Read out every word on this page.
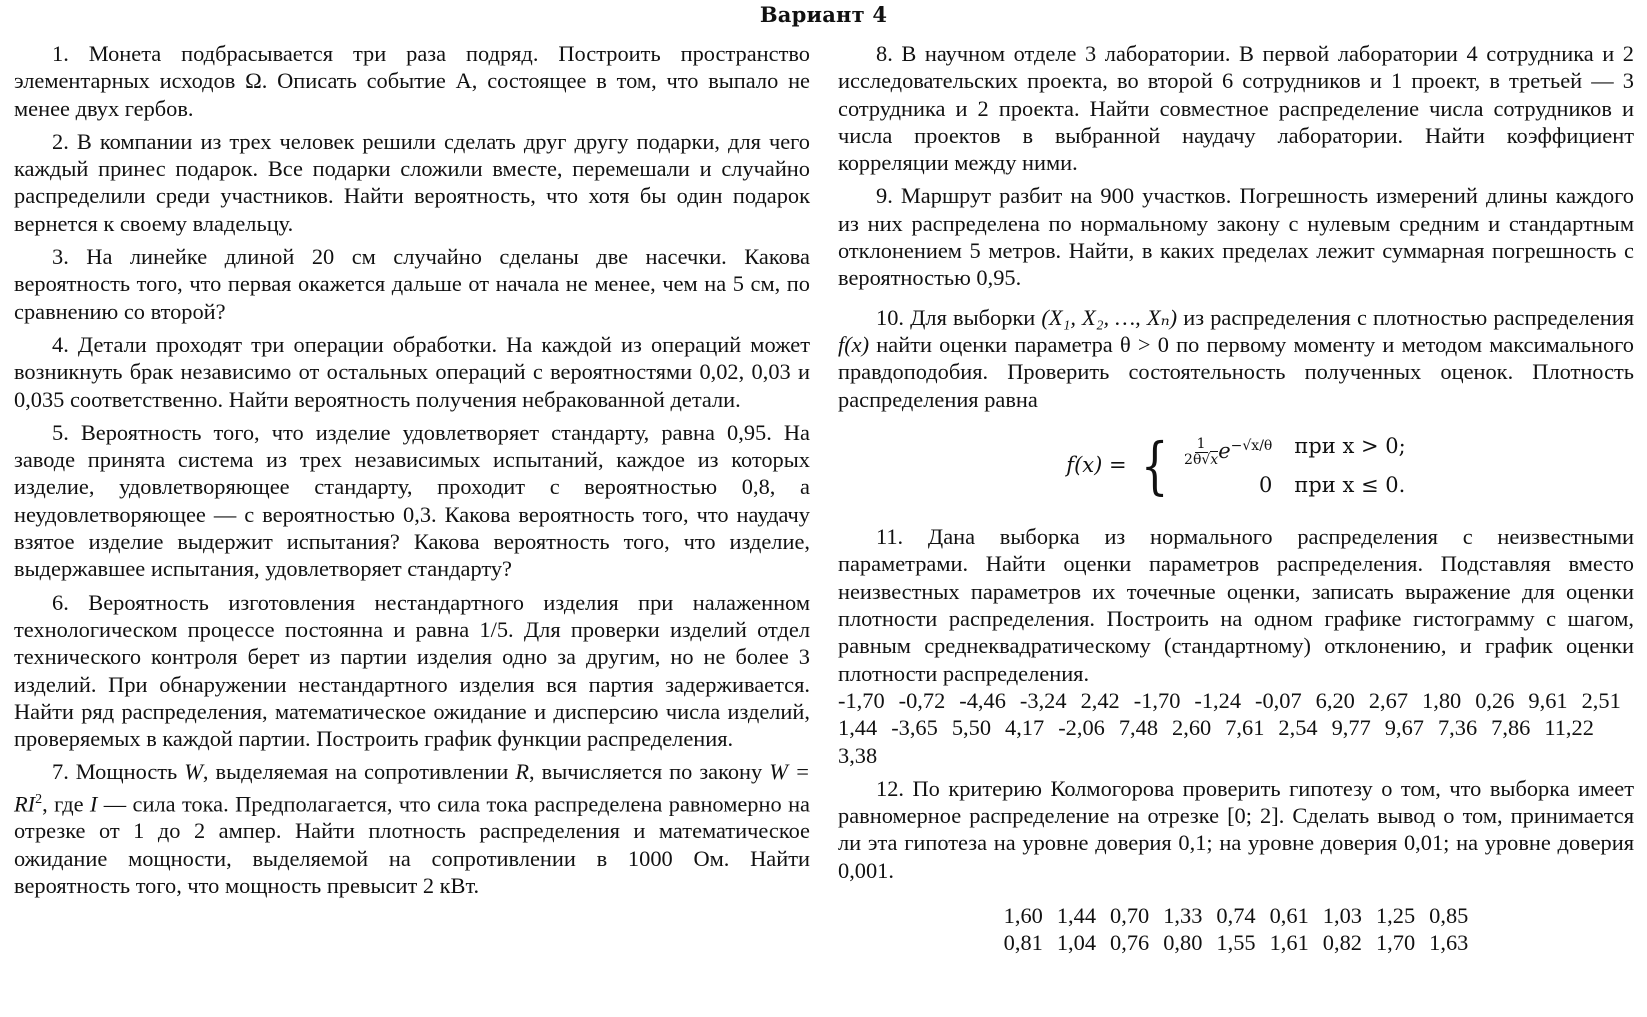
Вариант 4

1. Монета подбрасывается три раза подряд. Построить пространство элементарных исходов Ω. Описать событие A, состоящее в том, что выпало не менее двух гербов.

2. В компании из трех человек решили сделать друг другу подарки, для чего каждый принес подарок. Все подарки сложили вместе, перемешали и случайно распределили среди участников. Найти вероятность, что хотя бы один подарок вернется к своему владельцу.

3. На линейке длиной 20 см случайно сделаны две насечки. Какова вероятность того, что первая окажется дальше от начала не менее, чем на 5 см, по сравнению со второй?

4. Детали проходят три операции обработки. На каждой из операций может возникнуть брак независимо от остальных операций с вероятностями 0,02, 0,03 и 0,035 соответственно. Найти вероятность получения небракованной детали.

5. Вероятность того, что изделие удовлетворяет стандарту, равна 0,95. На заводе принята система из трех независимых испытаний, каждое из которых изделие, удовлетворяющее стандарту, проходит с вероятностью 0,8, а неудовлетворяющее — с вероятностью 0,3. Какова вероятность того, что наудачу взятое изделие выдержит испытания? Какова вероятность того, что изделие, выдержавшее испытания, удовлетворяет стандарту?

6. Вероятность изготовления нестандартного изделия при налаженном технологическом процессе постоянна и равна 1/5. Для проверки изделий отдел технического контроля берет из партии изделия одно за другим, но не более 3 изделий. При обнаружении нестандартного изделия вся партия задерживается. Найти ряд распределения, математическое ожидание и дисперсию числа изделий, проверяемых в каждой партии. Построить график функции распределения.

7. Мощность W, выделяемая на сопротивлении R, вычисляется по закону $W = RI^2$, где I — сила тока. Предполагается, что сила тока распределена равномерно на отрезке от 1 до 2 ампер. Найти плотность распределения и математическое ожидание мощности, выделяемой на сопротивлении в 1000 Ом. Найти вероятность того, что мощность превысит 2 кВт.

8. В научном отделе 3 лаборатории. В первой лаборатории 4 сотрудника и 2 исследовательских проекта, во второй 6 сотрудников и 1 проект, в третьей — 3 сотрудника и 2 проекта. Найти совместное распределение числа сотрудников и числа проектов в выбранной наудачу лаборатории. Найти коэффициент корреляции между ними.

9. Маршрут разбит на 900 участков. Погрешность измерений длины каждого из них распределена по нормальному закону с нулевым средним и стандартным отклонением 5 метров. Найти, в каких пределах лежит суммарная погрешность с вероятностью 0,95.

10. Для выборки (X₁, X₂, …, Xₙ) из распределения с плотностью распределения f(x) найти оценки параметра θ > 0 по первому моменту и методом максимального правдоподобия. Проверить состоятельность полученных оценок. Плотность распределения равна

f(x) = { $\frac{1}{2\theta√x} e^{-√x/\theta}$ при x > 0;
0 при x ≤ 0.

11. Дана выборка из нормального распределения с неизвестными параметрами. Найти оценки параметров распределения. Подставляя вместо неизвестных параметров их точечные оценки, записать выражение для оценки плотности распределения. Построить на одном графике гистограмму с шагом, равным среднеквадратическому (стандартному) отклонению, и график оценки плотности распределения.

-1,70 -0,72 -4,46 -3,24 2,42 -1,70 -1,24 -0,07 6,20 2,67 1,80 0,26 9,61 2,51
1,44 -3,65 5,50 4,17 -2,06 7,48 2,60 7,61 2,54 9,77 9,67 7,36 7,86 11,22
3,38

12. По критерию Колмогорова проверить гипотезу о том, что выборка имеет равномерное распределение на отрезке [0; 2]. Сделать вывод о том, принимается ли эта гипотеза на уровне доверия 0,1; на уровне доверия 0,01; на уровне доверия 0,001.

1,60 1,44 0,70 1,33 0,74 0,61 1,03 1,25 0,85
0,81 1,04 0,76 0,80 1,55 1,61 0,82 1,70 1,63
